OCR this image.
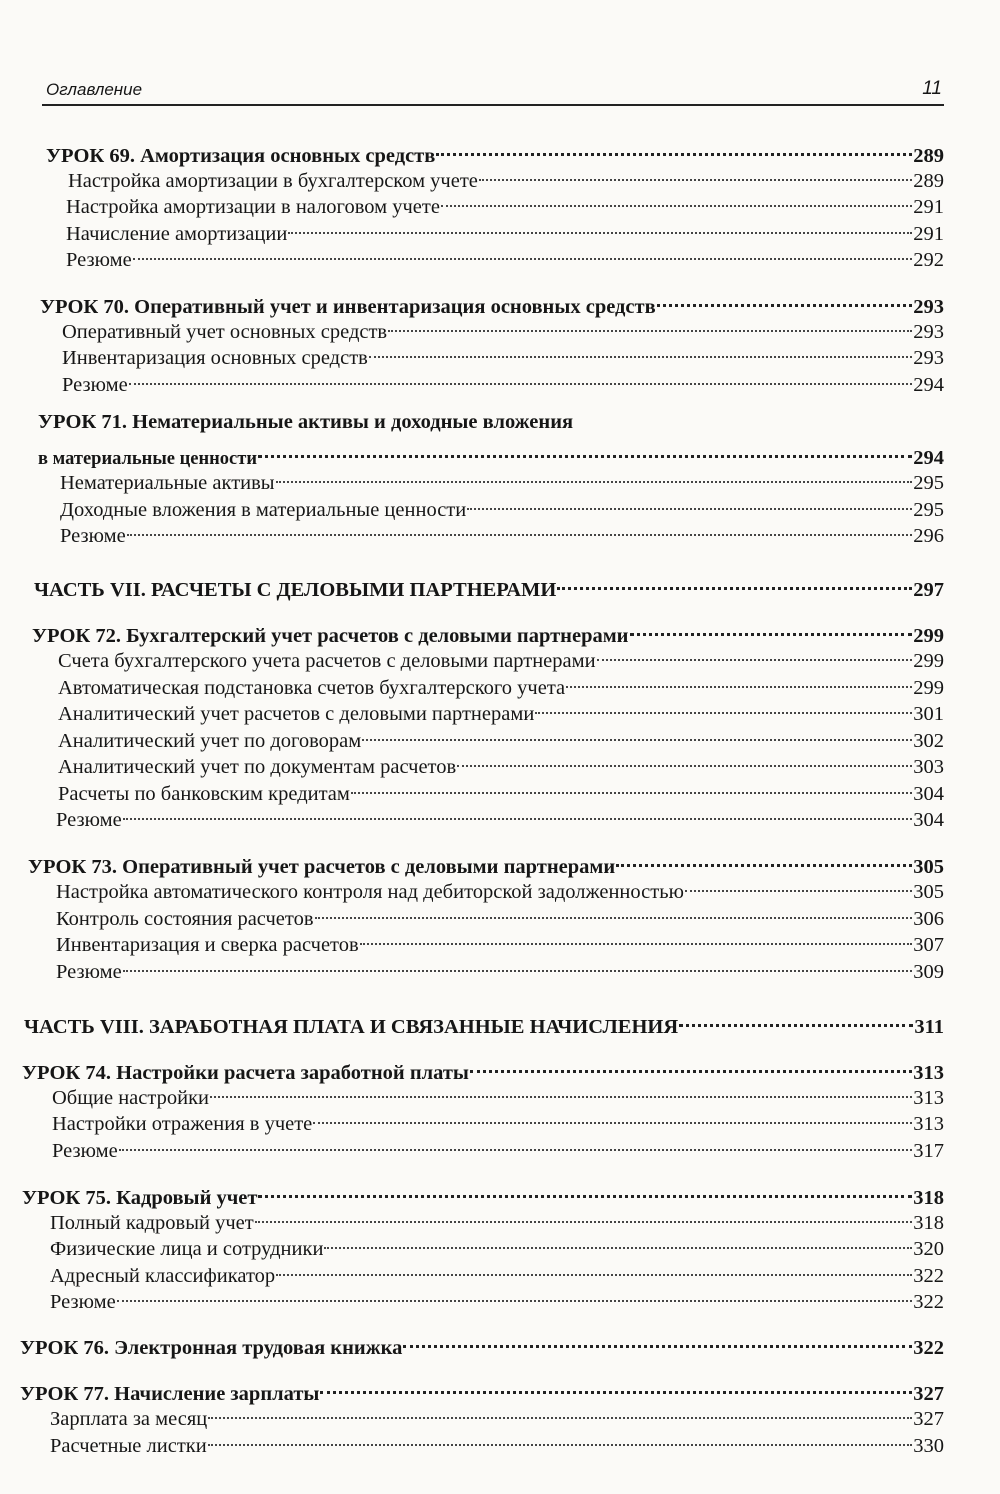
Оглавление	11
УРОК 69. Амортизация основных средств	289
Настройка амортизации в бухгалтерском учете	289
Настройка амортизации в налоговом учете	291
Начисление амортизации	291
Резюме	292
УРОК 70. Оперативный учет и инвентаризация основных средств	293
Оперативный учет основных средств	293
Инвентаризация основных средств	293
Резюме	294
УРОК 71. Нематериальные активы и доходные вложения
в материальные ценности	294
Нематериальные активы	295
Доходные вложения в материальные ценности	295
Резюме	296
ЧАСТЬ VII. РАСЧЕТЫ С ДЕЛОВЫМИ ПАРТНЕРАМИ	297
УРОК 72. Бухгалтерский учет расчетов с деловыми партнерами	299
Счета бухгалтерского учета расчетов с деловыми партнерами	299
Автоматическая подстановка счетов бухгалтерского учета	299
Аналитический учет расчетов с деловыми партнерами	301
Аналитический учет по договорам	302
Аналитический учет по документам расчетов	303
Расчеты по банковским кредитам	304
Резюме	304
УРОК 73. Оперативный учет расчетов с деловыми партнерами	305
Настройка автоматического контроля над дебиторской задолженностью	305
Контроль состояния расчетов	306
Инвентаризация и сверка расчетов	307
Резюме	309
ЧАСТЬ VIII. ЗАРАБОТНАЯ ПЛАТА И СВЯЗАННЫЕ НАЧИСЛЕНИЯ	311
УРОК 74. Настройки расчета заработной платы	313
Общие настройки	313
Настройки отражения в учете	313
Резюме	317
УРОК 75. Кадровый учет	318
Полный кадровый учет	318
Физические лица и сотрудники	320
Адресный классификатор	322
Резюме	322
УРОК 76. Электронная трудовая книжка	322
УРОК 77. Начисление зарплаты	327
Зарплата за месяц	327
Расчетные листки	330
